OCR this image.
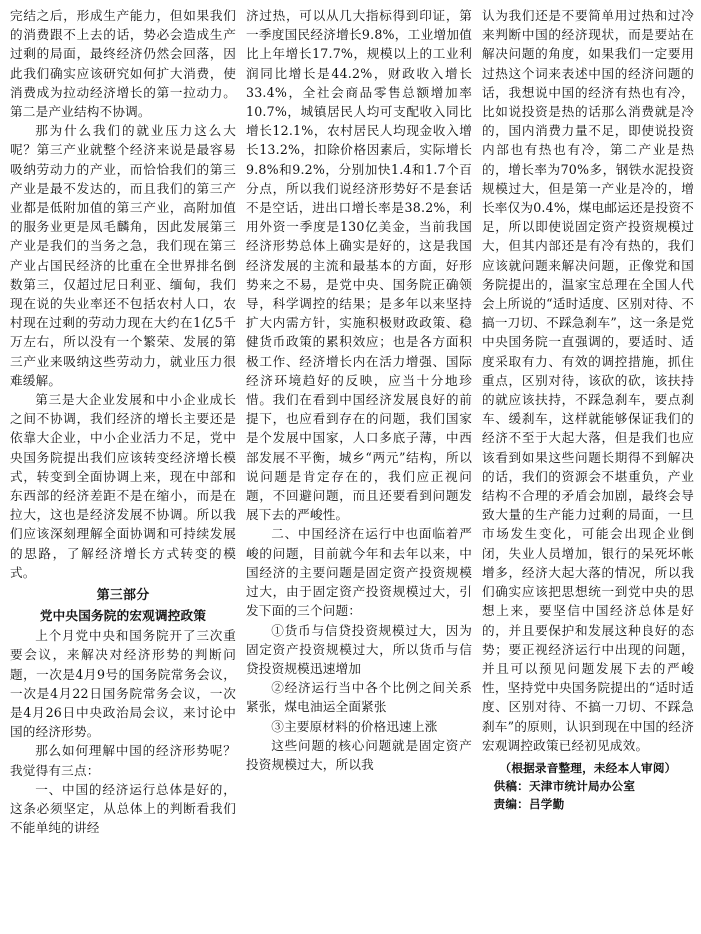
完结之后，形成生产能力，但如果我们的消费跟不上去的话，势必会造成生产过剩的局面，最终经济仍然会回落，因此我们确实应该研究如何扩大消费，使消费成为拉动经济增长的第一拉动力。第二是产业结构不协调。

那为什么我们的就业压力这么大呢？第三产业就整个经济来说是最容易吸纳劳动力的产业，而恰恰我们的第三产业是最不发达的，而且我们的第三产业都是低附加值的第三产业，高附加值的服务业更是凤毛麟角，因此发展第三产业是我们的当务之急，我们现在第三产业占国民经济的比重在全世界排名倒数第三，仅超过尼日利亚、缅甸，我们现在说的失业率还不包括农村人口，农村现在过剩的劳动力现在大约在1亿5千万左右，所以没有一个繁荣、发展的第三产业来吸纳这些劳动力，就业压力很难缓解。

第三是大企业发展和中小企业成长之间不协调，我们经济的增长主要还是依靠大企业，中小企业活力不足，党中央国务院提出我们应该转变经济增长模式，转变到全面协调上来，现在中部和东西部的经济差距不是在缩小，而是在拉大，这也是经济发展不协调。所以我们应该深刻理解全面协调和可持续发展的思路，了解经济增长方式转变的模式。

第三部分
党中央国务院的宏观调控政策

上个月党中央和国务院开了三次重要会议，来解决对经济形势的判断问题，一次是4月9号的国务院常务会议，一次是4月22日国务院常务会议，一次是4月26日中央政治局会议，来讨论中国的经济形势。

那么如何理解中国的经济形势呢？我觉得有三点：

一、中国的经济运行总体是好的，这条必须坚定，从总体上的判断看我们不能单纯的讲经

济过热，可以从几大指标得到印证，第一季度国民经济增长9.8%，工业增加值比上年增长17.7%，规模以上的工业利润同比增长是44.2%，财政收入增长33.4%，全社会商品零售总额增加率10.7%，城镇居民人均可支配收入同比增长12.1%，农村居民人均现金收入增长13.2%，扣除价格因素后，实际增长9.8%和9.2%，分别加快1.4和1.7个百分点，所以我们说经济形势好不是套话不是空话，进出口增长率是38.2%，利用外资一季度是130亿美金，当前我国经济形势总体上确实是好的，这是我国经济发展的主流和最基本的方面，好形势来之不易，是党中央、国务院正确领导，科学调控的结果；是多年以来坚持扩大内需方针，实施积极财政政策、稳健货币政策的累积效应；也是各方面积极工作、经济增长内在活力增强、国际经济环境趋好的反映，应当十分地珍惜。我们在看到中国经济发展良好的前提下，也应看到存在的问题，我们国家是个发展中国家，人口多底子薄，中西部发展不平衡，城乡“两元”结构，所以说问题是肯定存在的，我们应正视问题，不回避问题，而且还要看到问题发展下去的严峻性。

二、中国经济在运行中也面临着严峻的问题，目前就今年和去年以来，中国经济的主要问题是固定资产投资规模过大，由于固定资产投资规模过大，引发下面的三个问题：

①货币与信贷投资规模过大，因为固定资产投资规模过大，所以货币与信贷投资规模迅速增加

②经济运行当中各个比例之间关系紧张，煤电油运全面紧张

③主要原材料的价格迅速上涨

这些问题的核心问题就是固定资产投资规模过大，所以我

认为我们还是不要简单用过热和过冷来判断中国的经济现状，而是要站在解决问题的角度，如果我们一定要用过热这个词来表述中国的经济问题的话，我想说中国的经济有热也有冷，比如说投资是热的话那么消费就是冷的，国内消费力量不足，即使说投资内部也有热也有冷，第二产业是热的，增长率为70%多，钢铁水泥投资规模过大，但是第一产业是冷的，增长率仅为0.4%，煤电邮运还是投资不足，所以即使说固定资产投资规模过大，但其内部还是有冷有热的，我们应该就问题来解决问题，正像党和国务院提出的，温家宝总理在全国人代会上所说的“适时适度、区别对待、不搞一刀切、不踩急刹车”，这一条是党中央国务院一直强调的，要适时、适度采取有力、有效的调控措施，抓住重点，区别对待，该砍的砍，该扶持的就应该扶持，不踩急刹车，要点刹车、缓刹车，这样就能够保证我们的经济不至于大起大落，但是我们也应该看到如果这些问题长期得不到解决的话，我们的资源会不堪重负，产业结构不合理的矛盾会加剧，最终会导致大量的生产能力过剩的局面，一旦市场发生变化，可能会出现企业倒闭，失业人员增加，银行的呆死坏帐增多，经济大起大落的情况，所以我们确实应该把思想统一到党中央的思想上来，要坚信中国经济总体是好的，并且要保护和发展这种良好的态势；要正视经济运行中出现的问题，并且可以预见问题发展下去的严峻性，坚持党中央国务院提出的“适时适度、区别对待、不搞一刀切、不踩急刹车”的原则，认识到现在中国的经济宏观调控政策已经初见成效。

（根据录音整理，未经本人审阅）
供稿：天津市统计局办公室
责编：吕学勤
